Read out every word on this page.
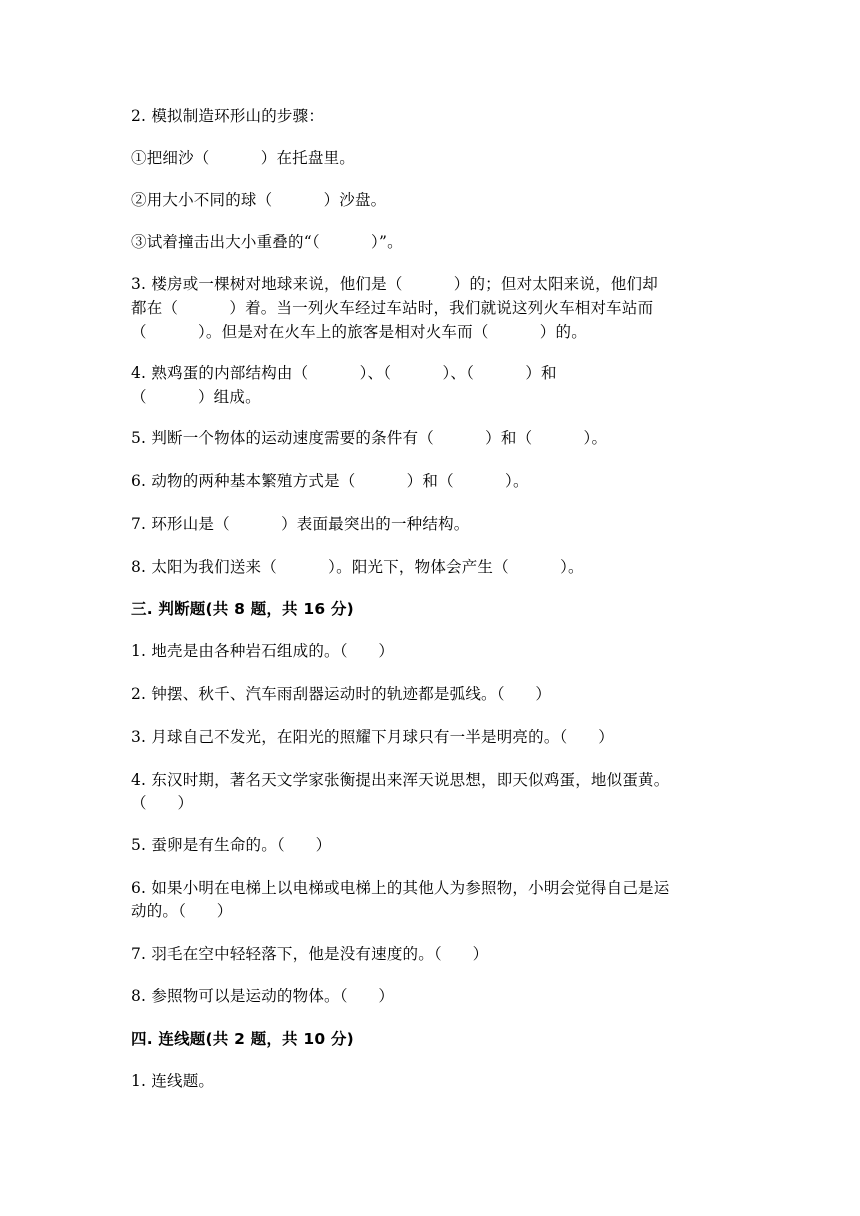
2. 模拟制造环形山的步骤：
①把细沙（          ）在托盘里。
②用大小不同的球（          ）沙盘。
③试着撞击出大小重叠的“（          ）”。
3. 楼房或一棵树对地球来说，他们是（          ）的；但对太阳来说，他们却
都在（          ）着。当一列火车经过车站时，我们就说这列火车相对车站而
（          ）。但是对在火车上的旅客是相对火车而（          ）的。
4. 熟鸡蛋的内部结构由（          ）、（          ）、（          ）和
（          ）组成。
5. 判断一个物体的运动速度需要的条件有（          ）和（          ）。
6. 动物的两种基本繁殖方式是（          ）和（          ）。
7. 环形山是（          ）表面最突出的一种结构。
8. 太阳为我们送来（          ）。阳光下，物体会产生（          ）。
三. 判断题(共 8 题，共 16 分)
1. 地壳是由各种岩石组成的。（      ）
2. 钟摆、秋千、汽车雨刮器运动时的轨迹都是弧线。（      ）
3. 月球自己不发光，在阳光的照耀下月球只有一半是明亮的。（      ）
4. 东汉时期，著名天文学家张衡提出来浑天说思想，即天似鸡蛋，地似蛋黄。
（      ）
5. 蚕卵是有生命的。（      ）
6. 如果小明在电梯上以电梯或电梯上的其他人为参照物，小明会觉得自己是运
动的。（      ）
7. 羽毛在空中轻轻落下，他是没有速度的。（      ）
8. 参照物可以是运动的物体。（      ）
四. 连线题(共 2 题，共 10 分)
1. 连线题。
